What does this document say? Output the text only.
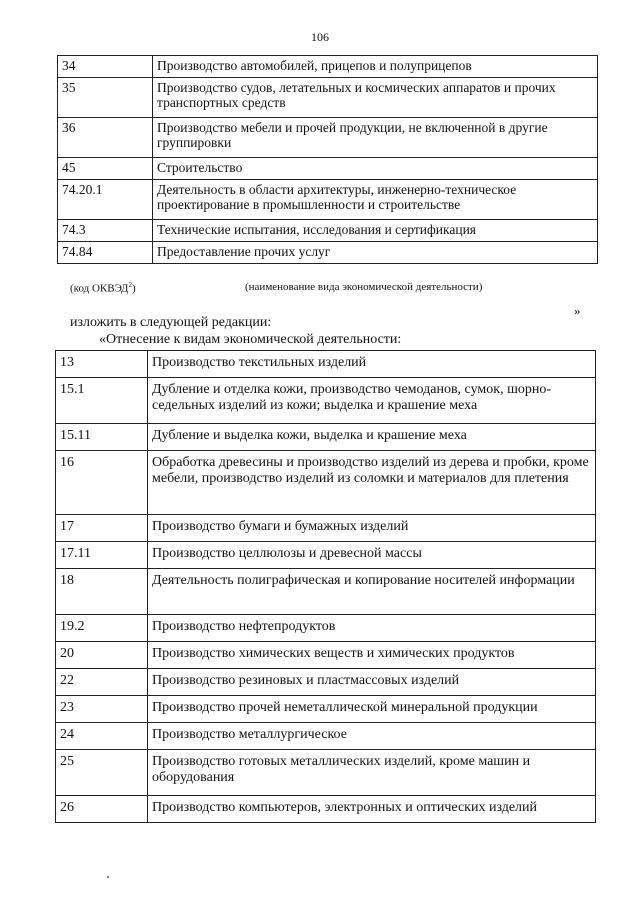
106
34	Производство автомобилей, прицепов и полуприцепов
35	Производство судов, летательных и космических аппаратов и прочих транспортных средств
36	Производство мебели и прочей продукции, не включенной в другие группировки
45	Строительство
74.20.1	Деятельность в области архитектуры, инженерно-техническое проектирование в промышленности и строительстве
74.3	Технические испытания, исследования и сертификация
74.84	Предоставление прочих услуг
(код ОКВЭД$^2$)	(наименование вида экономической деятельности)
»
изложить в следующей редакции:
«Отнесение к видам экономической деятельности:
13	Производство текстильных изделий
15.1	Дубление и отделка кожи, производство чемоданов, сумок, шорно-седельных изделий из кожи; выделка и крашение меха
15.11	Дубление и выделка кожи, выделка и крашение меха
16	Обработка древесины и производство изделий из дерева и пробки, кроме мебели, производство изделий из соломки и материалов для плетения
17	Производство бумаги и бумажных изделий
17.11	Производство целлюлозы и древесной массы
18	Деятельность полиграфическая и копирование носителей информации
19.2	Производство нефтепродуктов
20	Производство химических веществ и химических продуктов
22	Производство резиновых и пластмассовых изделий
23	Производство прочей неметаллической минеральной продукции
24	Производство металлургическое
25	Производство готовых металлических изделий, кроме машин и оборудования
26	Производство компьютеров, электронных и оптических изделий
